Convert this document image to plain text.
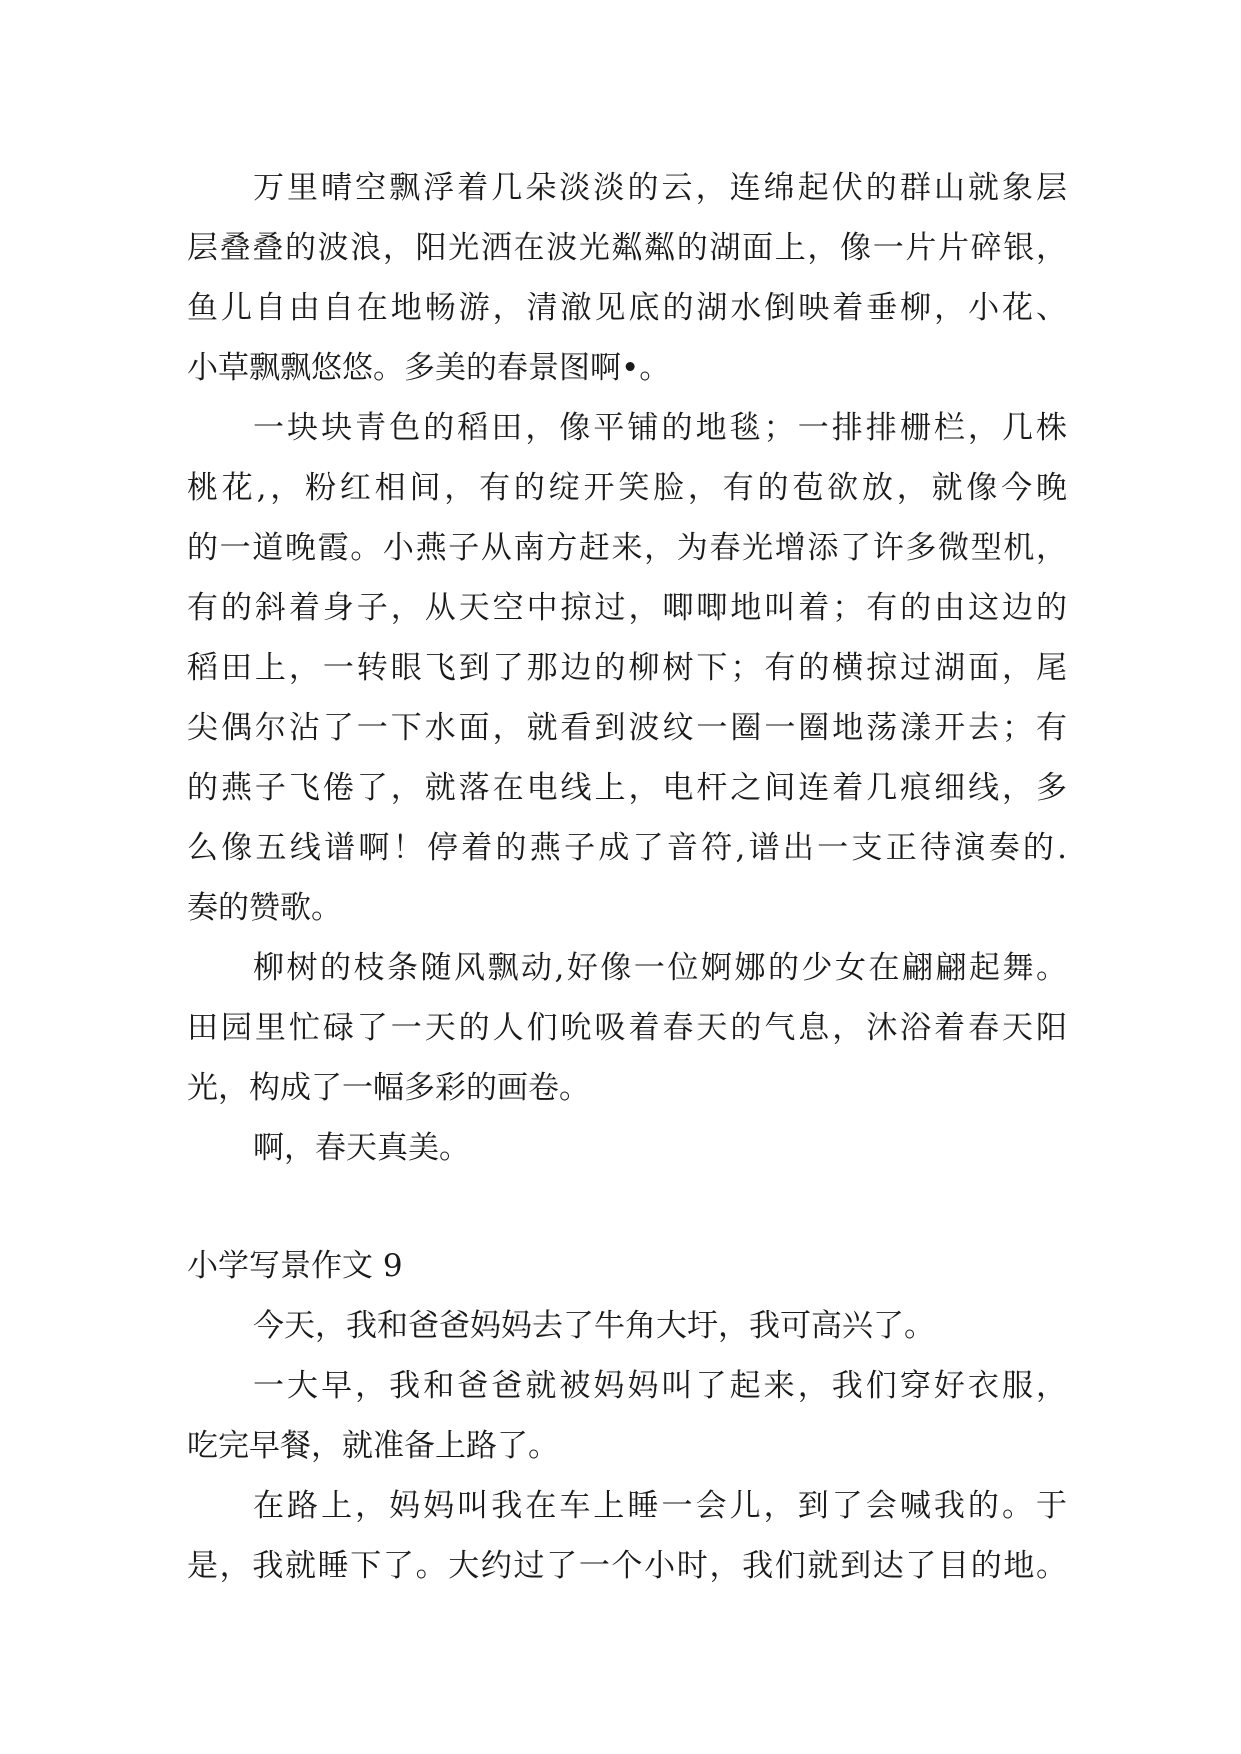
万里晴空飘浮着几朵淡淡的云，连绵起伏的群山就象层
层叠叠的波浪，阳光洒在波光粼粼的湖面上，像一片片碎银，
鱼儿自由自在地畅游，清澈见底的湖水倒映着垂柳，小花、
小草飘飘悠悠。多美的春景图啊•。
一块块青色的稻田，像平铺的地毯；一排排栅栏，几株
桃花,，粉红相间，有的绽开笑脸，有的苞欲放，就像今晚
的一道晚霞。小燕子从南方赶来，为春光增添了许多微型机，
有的斜着身子，从天空中掠过，唧唧地叫着；有的由这边的
稻田上，一转眼飞到了那边的柳树下；有的横掠过湖面，尾
尖偶尔沾了一下水面，就看到波纹一圈一圈地荡漾开去；有
的燕子飞倦了，就落在电线上，电杆之间连着几痕细线，多
么像五线谱啊！停着的燕子成了音符,谱出一支正待演奏的.
奏的赞歌。
柳树的枝条随风飘动,好像一位婀娜的少女在翩翩起舞。
田园里忙碌了一天的人们吮吸着春天的气息，沐浴着春天阳
光，构成了一幅多彩的画卷。
啊，春天真美。
小学写景作文 9
今天，我和爸爸妈妈去了牛角大圩，我可高兴了。
一大早，我和爸爸就被妈妈叫了起来，我们穿好衣服，
吃完早餐，就准备上路了。
在路上，妈妈叫我在车上睡一会儿，到了会喊我的。于
是，我就睡下了。大约过了一个小时，我们就到达了目的地。
